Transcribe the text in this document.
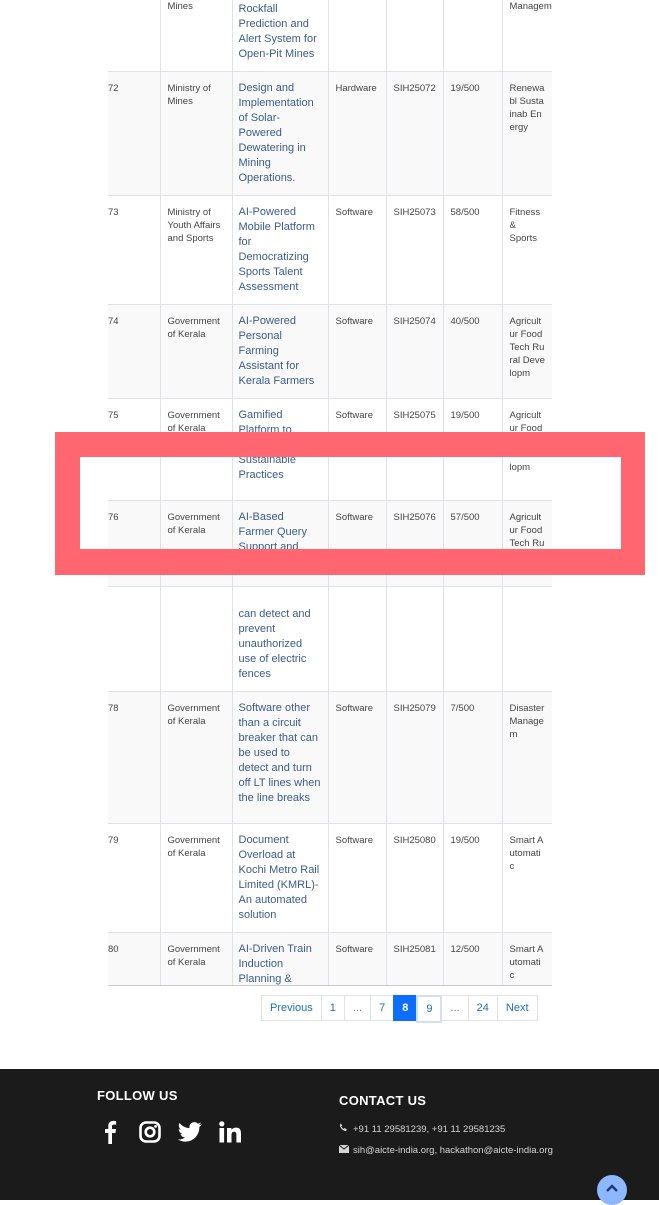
	Mines	Rockfall Prediction and Alert System for Open-Pit Mines				Managem
72	Ministry of Mines	Design and Implementation of Solar-Powered Dewatering in Mining Operations.	Hardware	SIH25072	19/500	Renewabl Sustainab Energy
73	Ministry of Youth Affairs and Sports	AI-Powered Mobile Platform for Democratizing Sports Talent Assessment	Software	SIH25073	58/500	Fitness & Sports
74	Government of Kerala	AI-Powered Personal Farming Assistant for Kerala Farmers	Software	SIH25074	40/500	Agricultur FoodTech Rural Developm
75	Government of Kerala	Gamified Platform to Promote Sustainable Practices	Software	SIH25075	19/500	Agricultur FoodTech Rural Developm
76	Government of Kerala	AI-Based Farmer Query Support and Advisory System	Software	SIH25076	57/500	Agricultur FoodTech Rural Developm
		can detect and prevent unauthorized use of electric fences				
78	Government of Kerala	Software other than a circuit breaker that can be used to detect and turn off LT lines when the line breaks	Software	SIH25079	7/500	Disaster Managem
79	Government of Kerala	Document Overload at Kochi Metro Rail Limited (KMRL)-An automated solution	Software	SIH25080	19/500	Smart Automatic
80	Government of Kerala	AI-Driven Train Induction Planning &	Software	SIH25081	12/500	Smart Automatic
Previous	1	...	7	8	9	...	24	Next
FOLLOW US	CONTACT US
+91 11 29581239, +91 11 29581235
sih@aicte-india.org, hackathon@aicte-india.org
